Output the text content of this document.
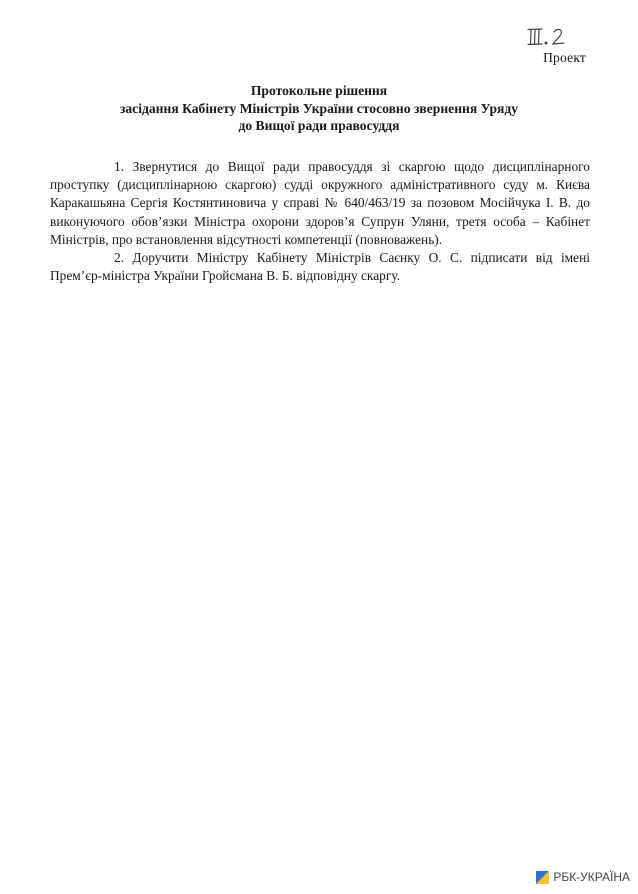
Проект
Протокольне рішення
засідання Кабінету Міністрів України стосовно звернення Уряду
до Вищої ради правосуддя

1. Звернутися до Вищої ради правосуддя зі скаргою щодо дисциплінарного проступку (дисциплінарною скаргою) судді окружного адміністративного суду м. Києва Каракашьяна Сергія Костянтиновича у справі № 640/463/19 за позовом Мосійчука І. В. до виконуючого обов’язки Міністра охорони здоров’я Супрун Уляни, третя особа – Кабінет Міністрів, про встановлення відсутності компетенції (повноважень).

2. Доручити Міністру Кабінету Міністрів Саєнку О. С. підписати від імені Прем’єр-міністра України Гройсмана В. Б. відповідну скаргу.

РБК-УКРАЇНА
